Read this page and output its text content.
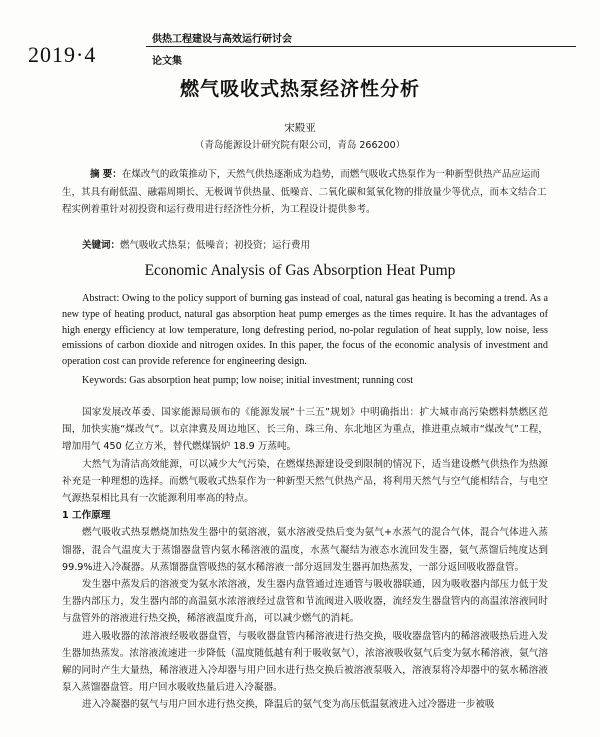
2019·4
供热工程建设与高效运行研讨会
论文集
燃气吸收式热泵经济性分析
宋殿亚
（青岛能源设计研究院有限公司，青岛 266200）
摘 要：在煤改气的政策推动下，天然气供热逐渐成为趋势，而燃气吸收式热泵作为一种新型供热产品应运而生，其具有耐低温、融霜周期长、无极调节供热量、低噪音、二氧化碳和氮氧化物的排放量少等优点，而本文结合工程实例着重针对初投资和运行费用进行经济性分析，为工程设计提供参考。
关键词：燃气吸收式热泵；低噪音；初投资；运行费用
Economic Analysis of Gas Absorption Heat Pump
Abstract: Owing to the policy support of burning gas instead of coal, natural gas heating is becoming a trend. As a new type of heating product, natural gas absorption heat pump emerges as the times require. It has the advantages of high energy efficiency at low temperature, long defresting period, no-polar regulation of heat supply, low noise, less emissions of carbon dioxide and nitrogen oxides. In this paper, the focus of the economic analysis of investment and operation cost can provide reference for engineering design.
Keywords: Gas absorption heat pump; low noise; initial investment; running cost

国家发展改革委、国家能源局颁布的《能源发展“十三五”规划》中明确指出：扩大城市高污染燃料禁燃区范围，加快实施“煤改气”。以京津冀及周边地区、长三角、珠三角、东北地区为重点，推进重点城市“煤改气”工程，增加用气 450 亿立方米，替代燃煤锅炉 18.9 万蒸吨。

大然气为清洁高效能源，可以减少大气污染，在燃煤热源建设受到限制的情况下，适当建设燃气供热作为热源补充是一种理想的选择。而燃气吸收式热泵作为一种新型天然气供热产品，将利用天然气与空气能相结合，与电空气源热泵相比具有一次能源利用率高的特点。

1 工作原理

燃气吸收式热泵燃烧加热发生器中的氨溶液，氨水溶液受热后变为氨气+水蒸气的混合气体，混合气体进入蒸馏器，混合气温度大于蒸馏器盘管内氨水稀溶液的温度，水蒸气凝结为液态水流回发生器，氨气蒸馏后纯度达到 99.9%进入冷凝器。从蒸馏器盘管吸热的氨水稀溶液一部分返回发生器再加热蒸发，一部分返回吸收器盘管。

发生器中蒸发后的溶液变为氨水浓溶液，发生器内盘管通过连通管与吸收器联通，因为吸收器内部压力低于发生器内部压力，发生器内部的高温氨水浓溶液经过盘管和节流阀进入吸收器，流经发生器盘管内的高温浓溶液同时与盘管外的溶液进行热交换，稀溶液温度升高，可以减少燃气的消耗。

进入吸收器的浓溶液经吸收器盘管，与吸收器盘管内稀溶液进行热交换，吸收器盘管内的稀溶液吸热后进入发生器加热蒸发。浓溶液流速进一步降低（温度随低越有利于吸收氨气），浓溶液吸收氨气后变为氨水稀溶液，氨气溶解的同时产生大量热，稀溶液进入冷却器与用户回水进行热交换后被溶液泵吸入，溶液泵将冷却器中的氨水稀溶液泵入蒸馏器盘管。用户回水吸收热量后进入冷凝器。

进入冷凝器的氨气与用户回水进行热交换，降温后的氨气变为高压低温氨液进入过冷器进一步被吸
